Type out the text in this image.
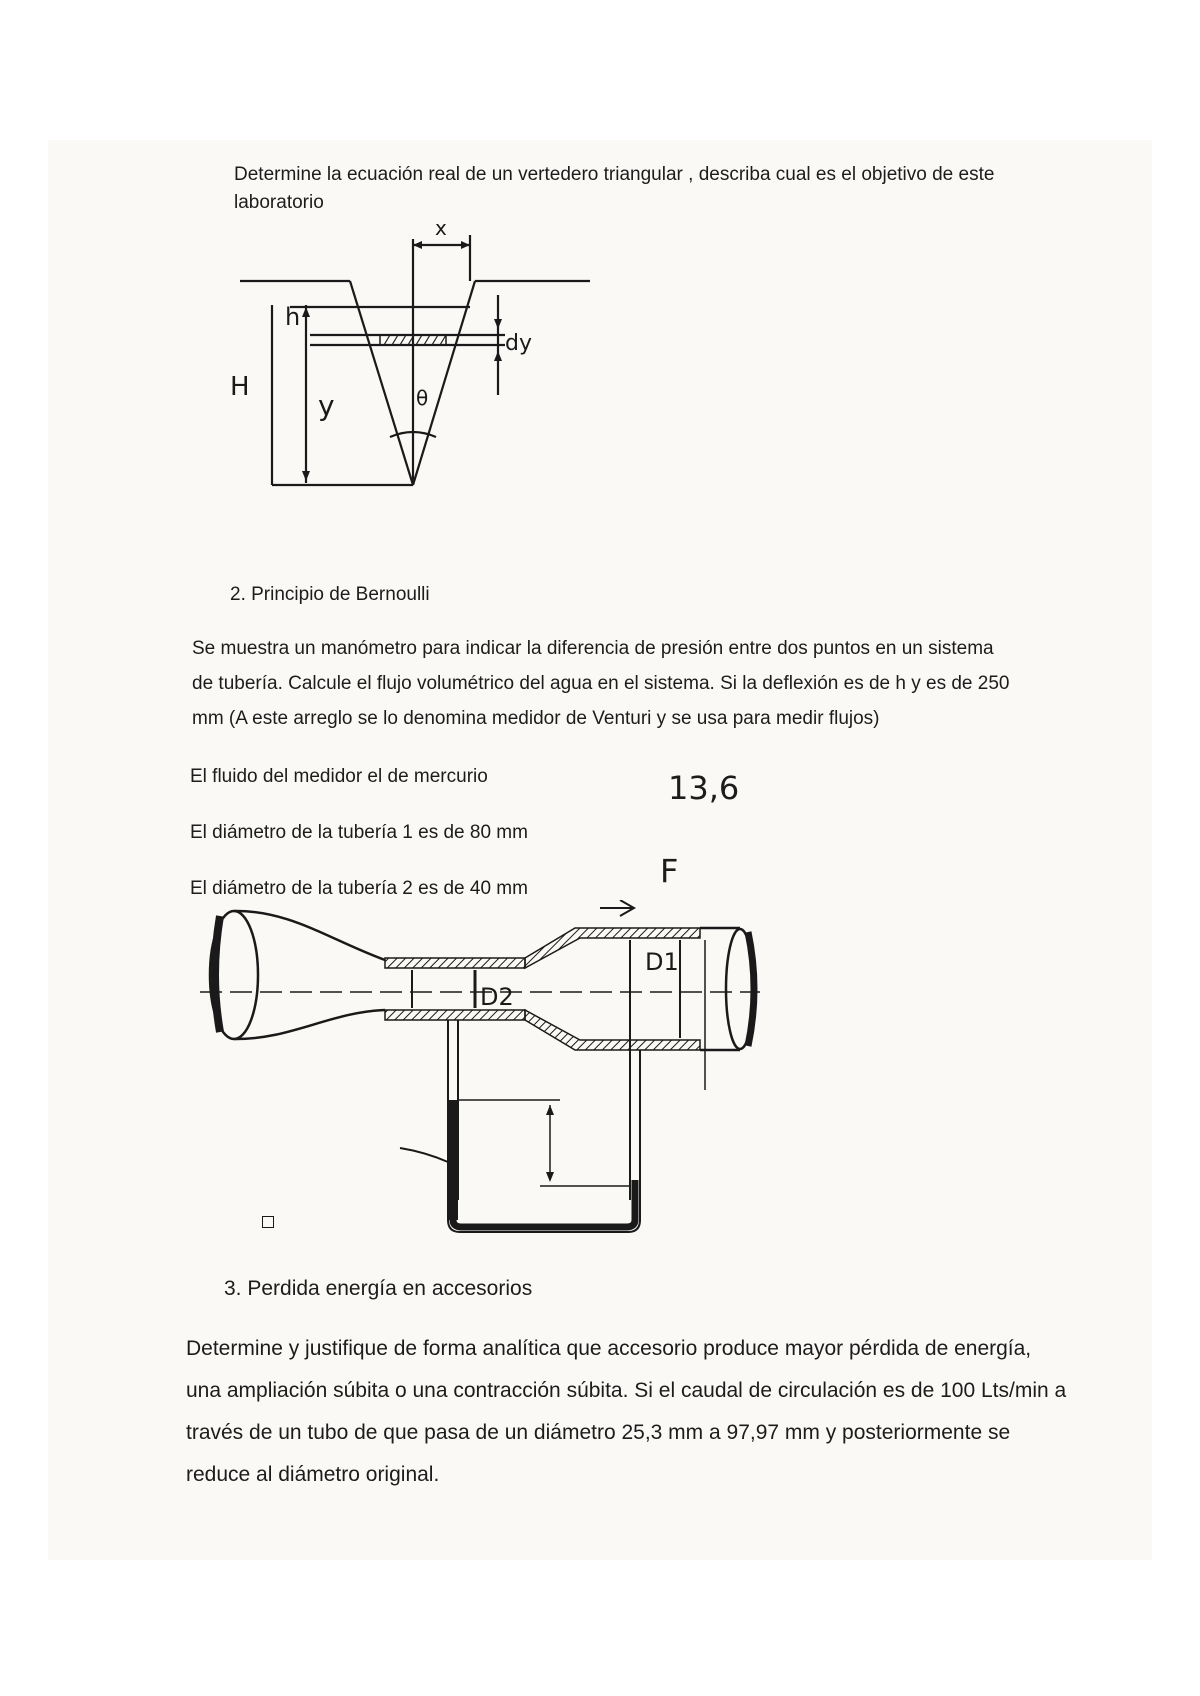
Determine la ecuación real de un vertedero triangular , describa cual es el objetivo de este
laboratorio
x
h
dy
H
y	θ
2. Principio de Bernoulli
Se muestra un manómetro para indicar la diferencia de presión entre dos puntos en un sistema
de tubería. Calcule el flujo volumétrico del agua en el sistema. Si la deflexión es de h y es de 250
mm (A este arreglo se lo denomina medidor de Venturi y se usa para medir flujos)
El fluido del medidor el de mercurio
El diámetro de la tubería 1 es de 80 mm
El diámetro de la tubería 2 es de 40 mm
13,6
F
D2
D1
3. Perdida energía en accesorios
Determine y justifique de forma analítica que accesorio produce mayor pérdida de energía,
una ampliación súbita o una contracción súbita. Si el caudal de circulación es de 100 Lts/min a
través de un tubo de que pasa de un diámetro 25,3 mm a 97,97 mm y posteriormente se
reduce al diámetro original.
